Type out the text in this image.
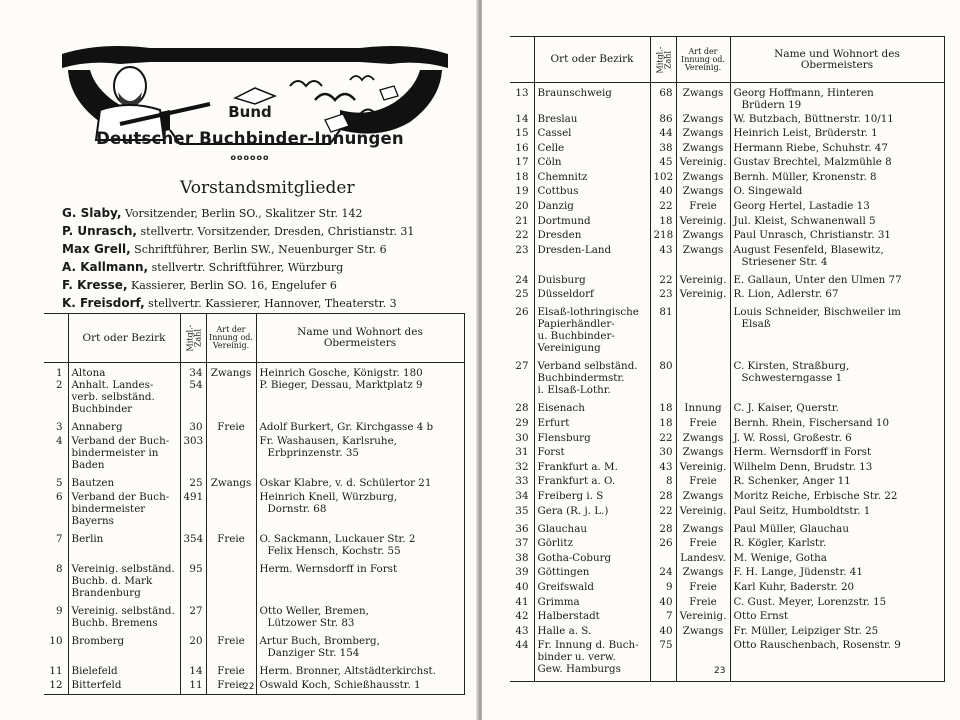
Bund
Deutscher Buchbinder-Innungen
oooooo
Vorstandsmitglieder
G. Slaby, Vorsitzender, Berlin SO., Skalitzer Str. 142
P. Unrasch, stellvertr. Vorsitzender, Dresden, Christianstr. 31
Max Grell, Schriftführer, Berlin SW., Neuenburger Str. 6
A. Kallmann, stellvertr. Schriftführer, Würzburg
F. Kresse, Kassierer, Berlin SO. 16, Engelufer 6
K. Freisdorf, stellvertr. Kassierer, Hannover, Theaterstr. 3
	Ort oder Bezirk	Mitgl.-
Zahl	Art der
Innung od.
Vereinig.	Name und Wohnort des
Obermeisters

1	Altona	34	Zwangs	Heinrich Gosche, Königstr. 180

2	Anhalt. Landes-
verb. selbständ.
Buchbinder	54		P. Bieger, Dessau, Marktplatz 9

3	Annaberg	30	Freie	Adolf Burkert, Gr. Kirchgasse 4 b

4	Verband der Buch-
bindermeister in
Baden	303		Fr. Washausen, Karlsruhe,
Erbprinzenstr. 35

5	Bautzen	25	Zwangs	Oskar Klabre, v. d. Schülertor 21

6	Verband der Buch-
bindermeister
Bayerns	491		Heinrich Knell, Würzburg,
Dornstr. 68

7	Berlin	354	Freie	O. Sackmann, Luckauer Str. 2
Felix Hensch, Kochstr. 55

8	Vereinig. selbständ.
Buchb. d. Mark
Brandenburg	95		Herm. Wernsdorff in Forst

9	Vereinig. selbständ.
Buchb. Bremens	27		Otto Weller, Bremen,
Lützower Str. 83

10	Bromberg	20	Freie	Artur Buch, Bromberg,
Danziger Str. 154

11	Bielefeld	14	Freie	Herm. Bronner, Altstädterkirchst.

12	Bitterfeld	11	Freie	Oswald Koch, Schießhausstr. 1
22
	Ort oder Bezirk	Mitgl.-
Zahl	Art der
Innung od.
Vereinig.	Name und Wohnort des
Obermeisters

13	Braunschweig	68	Zwangs	Georg Hoffmann, Hinteren
Brüdern 19

14	Breslau	86	Zwangs	W. Butzbach, Büttnerstr. 10/11

15	Cassel	44	Zwangs	Heinrich Leist, Brüderstr. 1

16	Celle	38	Zwangs	Hermann Riebe, Schuhstr. 47

17	Cöln	45	Vereinig.	Gustav Brechtel, Malzmühle 8

18	Chemnitz	102	Zwangs	Bernh. Müller, Kronenstr. 8

19	Cottbus	40	Zwangs	O. Singewald

20	Danzig	22	Freie	Georg Hertel, Lastadie 13

21	Dortmund	18	Vereinig.	Jul. Kleist, Schwanenwall 5

22	Dresden	218	Zwangs	Paul Unrasch, Christianstr. 31

23	Dresden-Land	43	Zwangs	August Fesenfeld, Blasewitz,
Striesener Str. 4

24	Duisburg	22	Vereinig.	E. Gallaun, Unter den Ulmen 77

25	Düsseldorf	23	Vereinig.	R. Lion, Adlerstr. 67

26	Elsaß-lothringische
Papierhändler-
u. Buchbinder-
Vereinigung	81		Louis Schneider, Bischweiler im
Elsaß

27	Verband selbständ.
Buchbindermstr.
i. Elsaß-Lothr.	80		C. Kirsten, Straßburg,
Schwesterngasse 1

28	Eisenach	18	Innung	C. J. Kaiser, Querstr.

29	Erfurt	18	Freie	Bernh. Rhein, Fischersand 10

30	Flensburg	22	Zwangs	J. W. Rossi, Großestr. 6

31	Forst	30	Zwangs	Herm. Wernsdorff in Forst

32	Frankfurt a. M.	43	Vereinig.	Wilhelm Denn, Brudstr. 13

33	Frankfurt a. O.	8	Freie	R. Schenker, Anger 11

34	Freiberg i. S	28	Zwangs	Moritz Reiche, Erbische Str. 22

35	Gera (R. j. L.)	22	Vereinig.	Paul Seitz, Humboldtstr. 1

36	Glauchau	28	Zwangs	Paul Müller, Glauchau

37	Görlitz	26	Freie	R. Kögler, Karlstr.

38	Gotha-Coburg		Landesv.	M. Wenige, Gotha

39	Göttingen	24	Zwangs	F. H. Lange, Jüdenstr. 41

40	Greifswald	9	Freie	Karl Kuhr, Baderstr. 20

41	Grimma	40	Freie	C. Gust. Meyer, Lorenzstr. 15

42	Halberstadt	7	Vereinig.	Otto Ernst

43	Halle a. S.	40	Zwangs	Fr. Müller, Leipziger Str. 25

44	Fr. Innung d. Buch-
binder u. verw.
Gew. Hamburgs	75		Otto Rauschenbach, Rosenstr. 9
23
